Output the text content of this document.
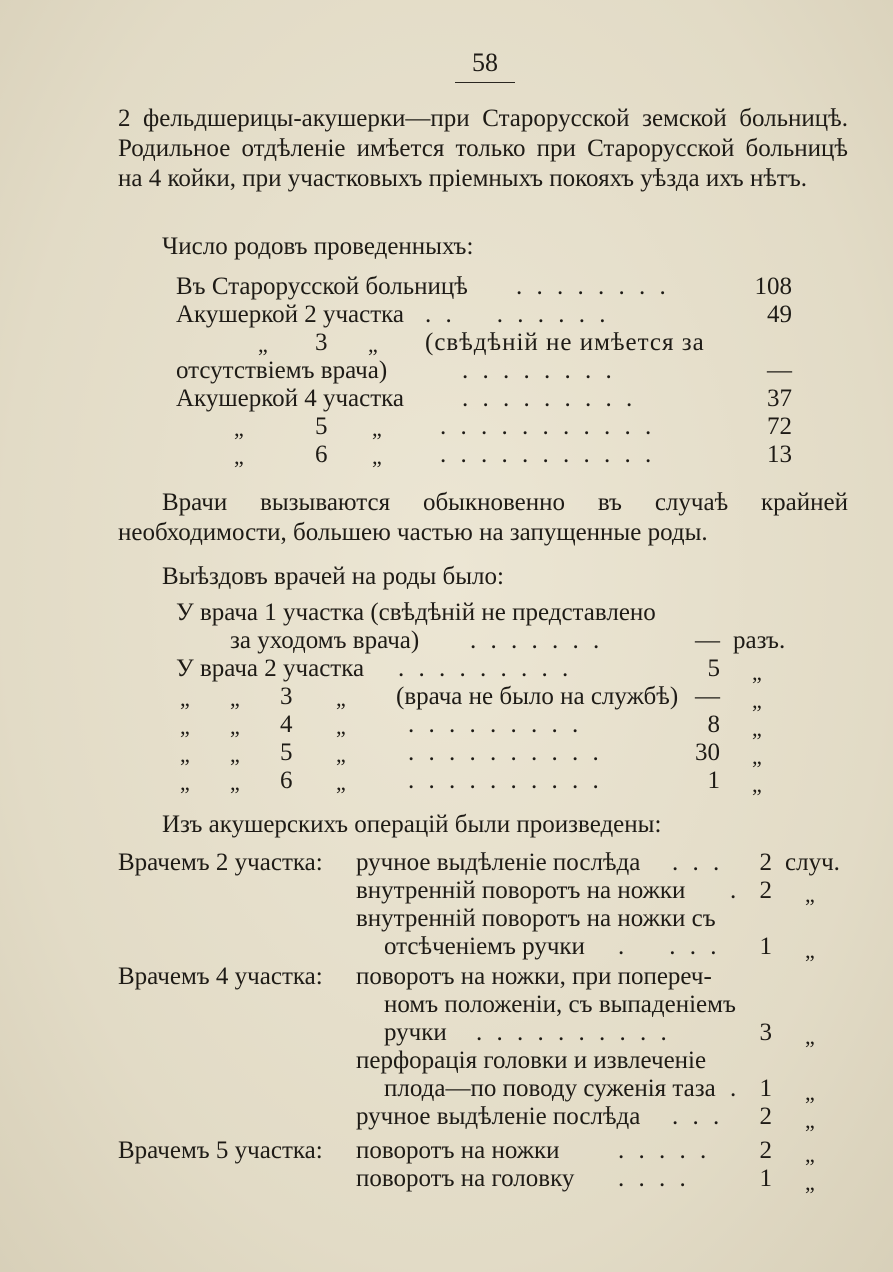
58
2 фельдшерицы-акушерки—при Старорусской земской больницѣ. Родильное отдѣленіе имѣется только при Старорусской больницѣ на 4 койки, при участковыхъ пріемныхъ покояхъ уѣзда ихъ нѣтъ.
Число родовъ проведенныхъ:
Въ Старорусской больницѣ . . . . . . . .	108
Акушеркой 2 участка . .    . . . . . .	49
„ 3 „ (свѣдѣній не имѣется за
отсутствіемъ врача)	. . . . . . . .	—
Акушеркой 4 участка . . . . . . . . .	37
„	5 „ . . . . . . . . . . .	72
„	6 „ . . . . . . . . . . .	13
Врачи вызываются обыкновенно въ случаѣ крайней необходимости, большею частью на запущенные роды.
Выѣздовъ врачей на роды было:
У врача 1 участка (свѣдѣній не представлено
за уходомъ врача) . . . . . . .	— разъ.
У врача 2 участка . . . . . . . . .	5 „
„ „ 3 „ (врача не было на службѣ) — „
„ „ 4 „ . . . . . . . . .	8 „
„ „ 5 „ . . . . . . . . . .	30 „
„ „ 6 „ . . . . . . . . . .	1 „
Изъ акушерскихъ операцій были произведены:
Врачемъ 2 участка: ручное выдѣленіе послѣда . . .	2 случ.
внутренній поворотъ на ножки . 2 „
внутренній поворотъ на ножки съ
отсѣченіемъ ручки .    . . .	1 „
Врачемъ 4 участка: поворотъ на ножки, при попереч-
номъ положеніи, съ выпаденіемъ
ручки . . . . . . . . . .	3 „
перфорація головки и извлеченіе
плода—по поводу суженія таза . 1 „
ручное выдѣленіе послѣда . . .	2 „
Врачемъ 5 участка: поворотъ на ножки . . . . .	2 „
поворотъ на головку . . . .	1 „
